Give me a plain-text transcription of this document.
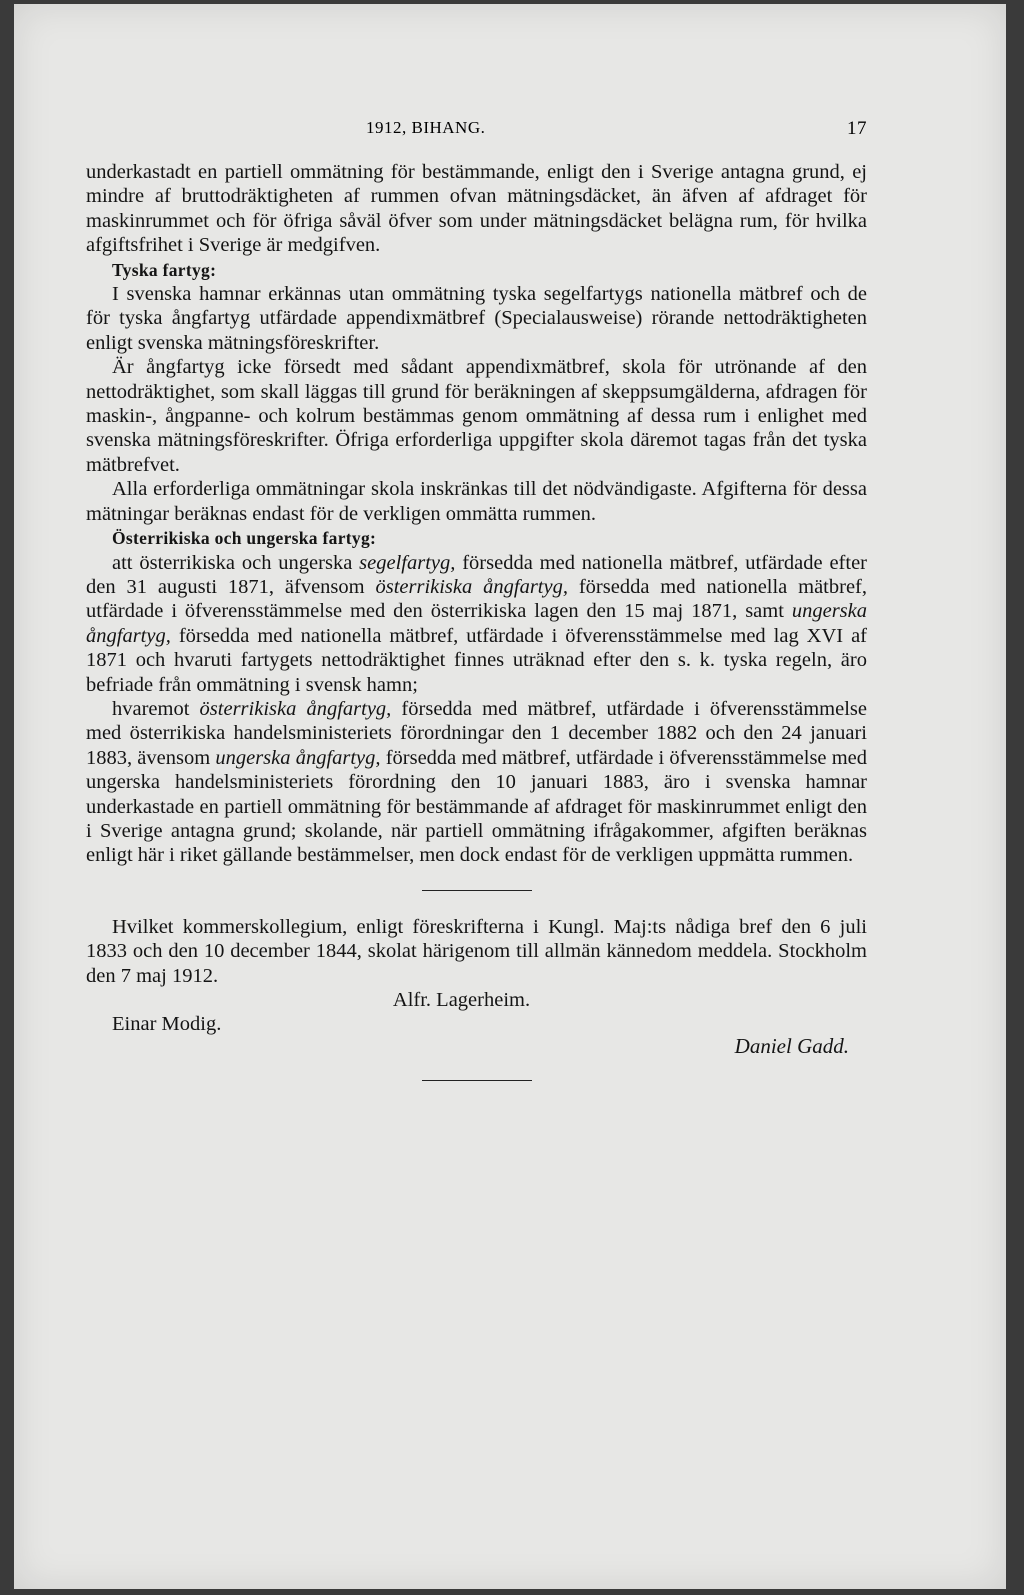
1912, BIHANG.	17

underkastadt en partiell ommätning för bestämmande, enligt den i Sverige antagna grund, ej mindre af bruttodräktigheten af rummen ofvan mätningsdäcket, än äfven af afdraget för maskinrummet och för öfriga såväl öfver som under mätningsdäcket belägna rum, för hvilka afgiftsfrihet i Sverige är medgifven.

Tyska fartyg:

I svenska hamnar erkännas utan ommätning tyska segelfartygs nationella mätbref och de för tyska ångfartyg utfärdade appendixmätbref (Specialausweise) rörande nettodräktigheten enligt svenska mätningsföreskrifter.

Är ångfartyg icke försedt med sådant appendixmätbref, skola för utrönande af den nettodräktighet, som skall läggas till grund för beräkningen af skeppsumgälderna, afdragen för maskin-, ångpanne- och kolrum bestämmas genom ommätning af dessa rum i enlighet med svenska mätningsföreskrifter. Öfriga erforderliga uppgifter skola däremot tagas från det tyska mätbrefvet.

Alla erforderliga ommätningar skola inskränkas till det nödvändigaste. Afgifterna för dessa mätningar beräknas endast för de verkligen ommätta rummen.

Österrikiska och ungerska fartyg:

att österrikiska och ungerska segelfartyg, försedda med nationella mätbref, utfärdade efter den 31 augusti 1871, äfvensom österrikiska ångfartyg, försedda med nationella mätbref, utfärdade i öfverensstämmelse med den österrikiska lagen den 15 maj 1871, samt ungerska ångfartyg, försedda med nationella mätbref, utfärdade i öfverensstämmelse med lag XVI af 1871 och hvaruti fartygets nettodräktighet finnes uträknad efter den s. k. tyska regeln, äro befriade från ommätning i svensk hamn;

hvaremot österrikiska ångfartyg, försedda med mätbref, utfärdade i öfverensstämmelse med österrikiska handelsministeriets förordningar den 1 december 1882 och den 24 januari 1883, ävensom ungerska ångfartyg, försedda med mätbref, utfärdade i öfverensstämmelse med ungerska handelsministeriets förordning den 10 januari 1883, äro i svenska hamnar underkastade en partiell ommätning för bestämmande af afdraget för maskinrummet enligt den i Sverige antagna grund; skolande, när partiell ommätning ifrågakommer, afgiften beräknas enligt här i riket gällande bestämmelser, men dock endast för de verkligen uppmätta rummen.

Hvilket kommerskollegium, enligt föreskrifterna i Kungl. Maj:ts nådiga bref den 6 juli 1833 och den 10 december 1844, skolat härigenom till allmän kännedom meddela. Stockholm den 7 maj 1912.

Alfr. Lagerheim.

Einar Modig.
Daniel Gadd.
